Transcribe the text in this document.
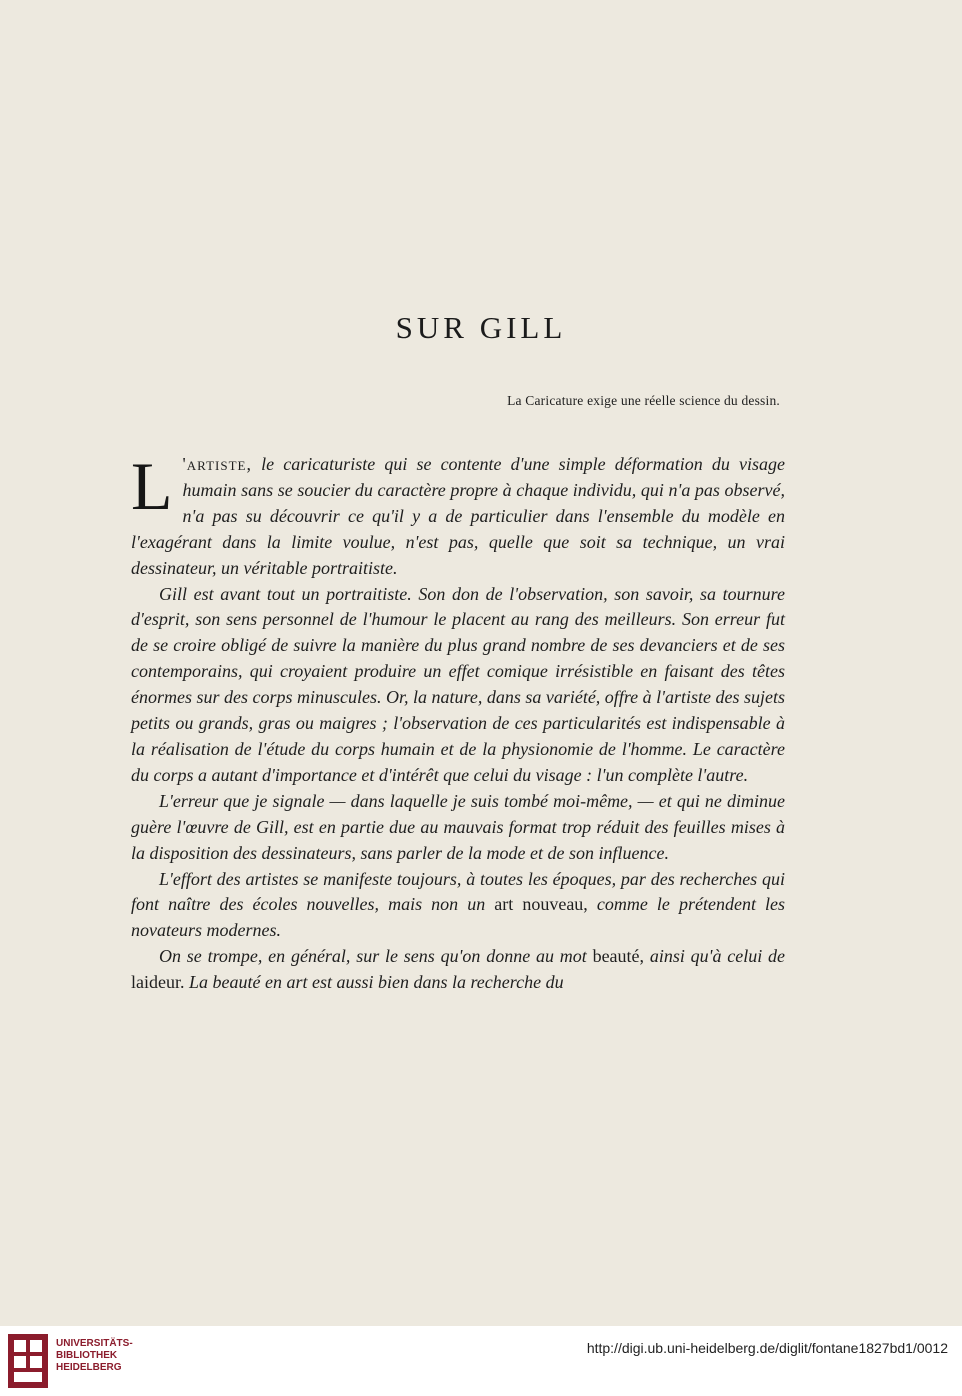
SUR GILL
La Caricature exige une réelle science du dessin.

L 'artiste, le caricaturiste qui se contente d'une simple déformation du visage humain sans se soucier du caractère propre à chaque individu, qui n'a pas observé, n'a pas su découvrir ce qu'il y a de particulier dans l'ensemble du modèle en l'exagérant dans la limite voulue, n'est pas, quelle que soit sa technique, un vrai dessinateur, un véritable portraitiste.

Gill est avant tout un portraitiste. Son don de l'observation, son savoir, sa tournure d'esprit, son sens personnel de l'humour le placent au rang des meilleurs. Son erreur fut de se croire obligé de suivre la manière du plus grand nombre de ses devanciers et de ses contemporains, qui croyaient produire un effet comique irrésistible en faisant des têtes énormes sur des corps minuscules. Or, la nature, dans sa variété, offre à l'artiste des sujets petits ou grands, gras ou maigres ; l'observation de ces particularités est indispensable à la réalisation de l'étude du corps humain et de la physionomie de l'homme. Le caractère du corps a autant d'importance et d'intérêt que celui du visage : l'un complète l'autre.

L'erreur que je signale — dans laquelle je suis tombé moi-même, — et qui ne diminue guère l'œuvre de Gill, est en partie due au mauvais format trop réduit des feuilles mises à la disposition des dessinateurs, sans parler de la mode et de son influence.

L'effort des artistes se manifeste toujours, à toutes les époques, par des recherches qui font naître des écoles nouvelles, mais non un art nouveau, comme le prétendent les novateurs modernes.

On se trompe, en général, sur le sens qu'on donne au mot beauté, ainsi qu'à celui de laideur. La beauté en art est aussi bien dans la recherche du

UNIVERSITÄTS-
BIBLIOTHEK
HEIDELBERG
http://digi.ub.uni-heidelberg.de/diglit/fontane1827bd1/0012
